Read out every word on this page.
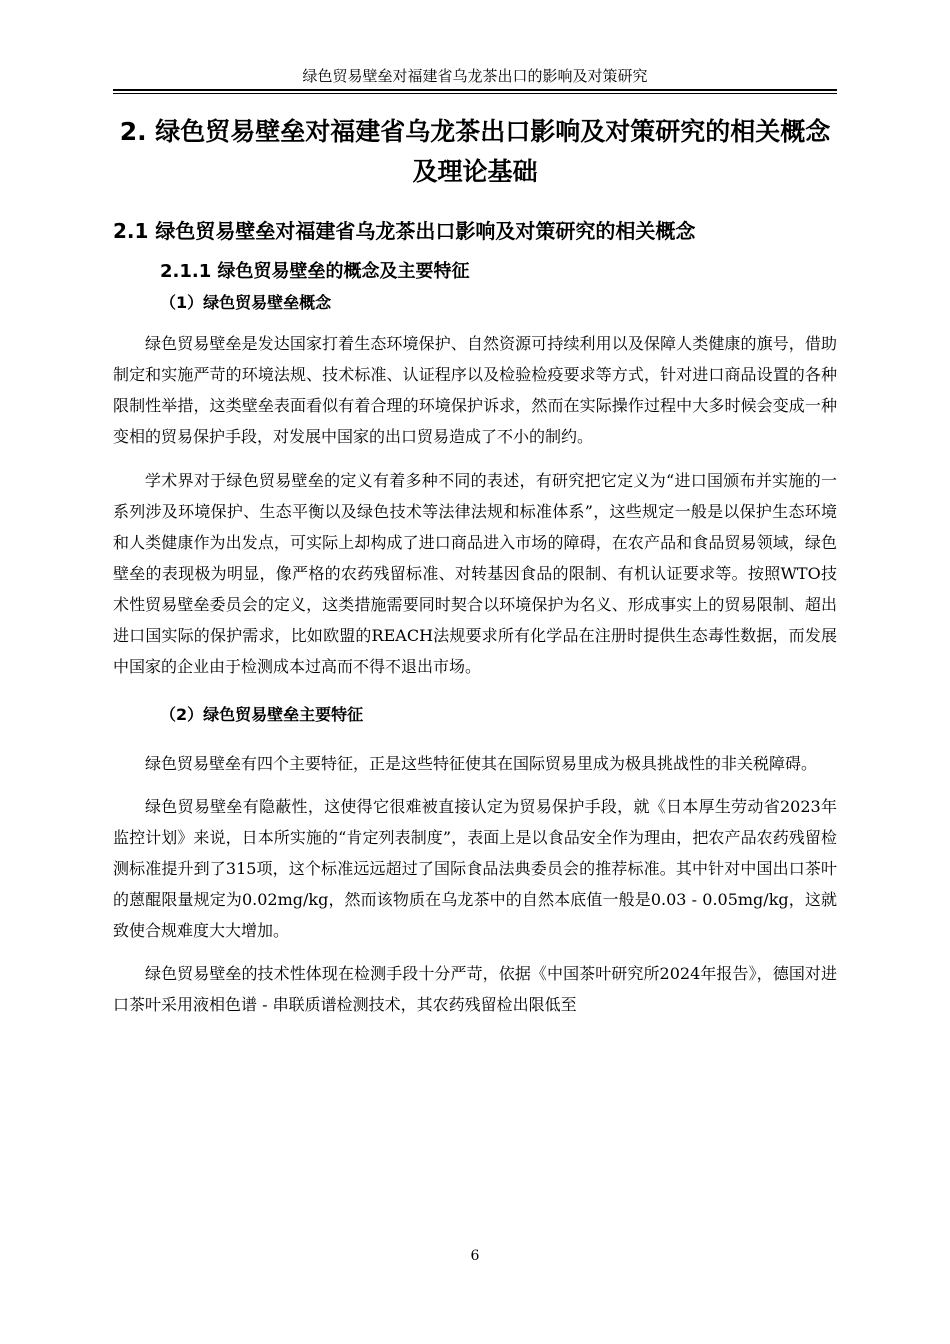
绿色贸易壁垒对福建省乌龙茶出口的影响及对策研究
2. 绿色贸易壁垒对福建省乌龙茶出口影响及对策研究的相关概念及理论基础
2.1 绿色贸易壁垒对福建省乌龙茶出口影响及对策研究的相关概念
2.1.1 绿色贸易壁垒的概念及主要特征
（1）绿色贸易壁垒概念

绿色贸易壁垒是发达国家打着生态环境保护、自然资源可持续利用以及保障人类健康的旗号，借助制定和实施严苛的环境法规、技术标准、认证程序以及检验检疫要求等方式，针对进口商品设置的各种限制性举措，这类壁垒表面看似有着合理的环境保护诉求，然而在实际操作过程中大多时候会变成一种变相的贸易保护手段，对发展中国家的出口贸易造成了不小的制约。

学术界对于绿色贸易壁垒的定义有着多种不同的表述，有研究把它定义为“进口国颁布并实施的一系列涉及环境保护、生态平衡以及绿色技术等法律法规和标准体系”，这些规定一般是以保护生态环境和人类健康作为出发点，可实际上却构成了进口商品进入市场的障碍，在农产品和食品贸易领域，绿色壁垒的表现极为明显，像严格的农药残留标准、对转基因食品的限制、有机认证要求等。按照WTO技术性贸易壁垒委员会的定义，这类措施需要同时契合以环境保护为名义、形成事实上的贸易限制、超出进口国实际的保护需求，比如欧盟的REACH法规要求所有化学品在注册时提供生态毒性数据，而发展中国家的企业由于检测成本过高而不得不退出市场。

（2）绿色贸易壁垒主要特征

绿色贸易壁垒有四个主要特征，正是这些特征使其在国际贸易里成为极具挑战性的非关税障碍。

绿色贸易壁垒有隐蔽性，这使得它很难被直接认定为贸易保护手段，就《日本厚生劳动省2023年监控计划》来说，日本所实施的“肯定列表制度”，表面上是以食品安全作为理由，把农产品农药残留检测标准提升到了315项，这个标准远远超过了国际食品法典委员会的推荐标准。其中针对中国出口茶叶的蒽醌限量规定为0.02mg/kg，然而该物质在乌龙茶中的自然本底值一般是0.03 - 0.05mg/kg，这就致使合规难度大大增加。

绿色贸易壁垒的技术性体现在检测手段十分严苛，依据《中国茶叶研究所2024年报告》，德国对进口茶叶采用液相色谱 - 串联质谱检测技术，其农药残留检出限低至

6
